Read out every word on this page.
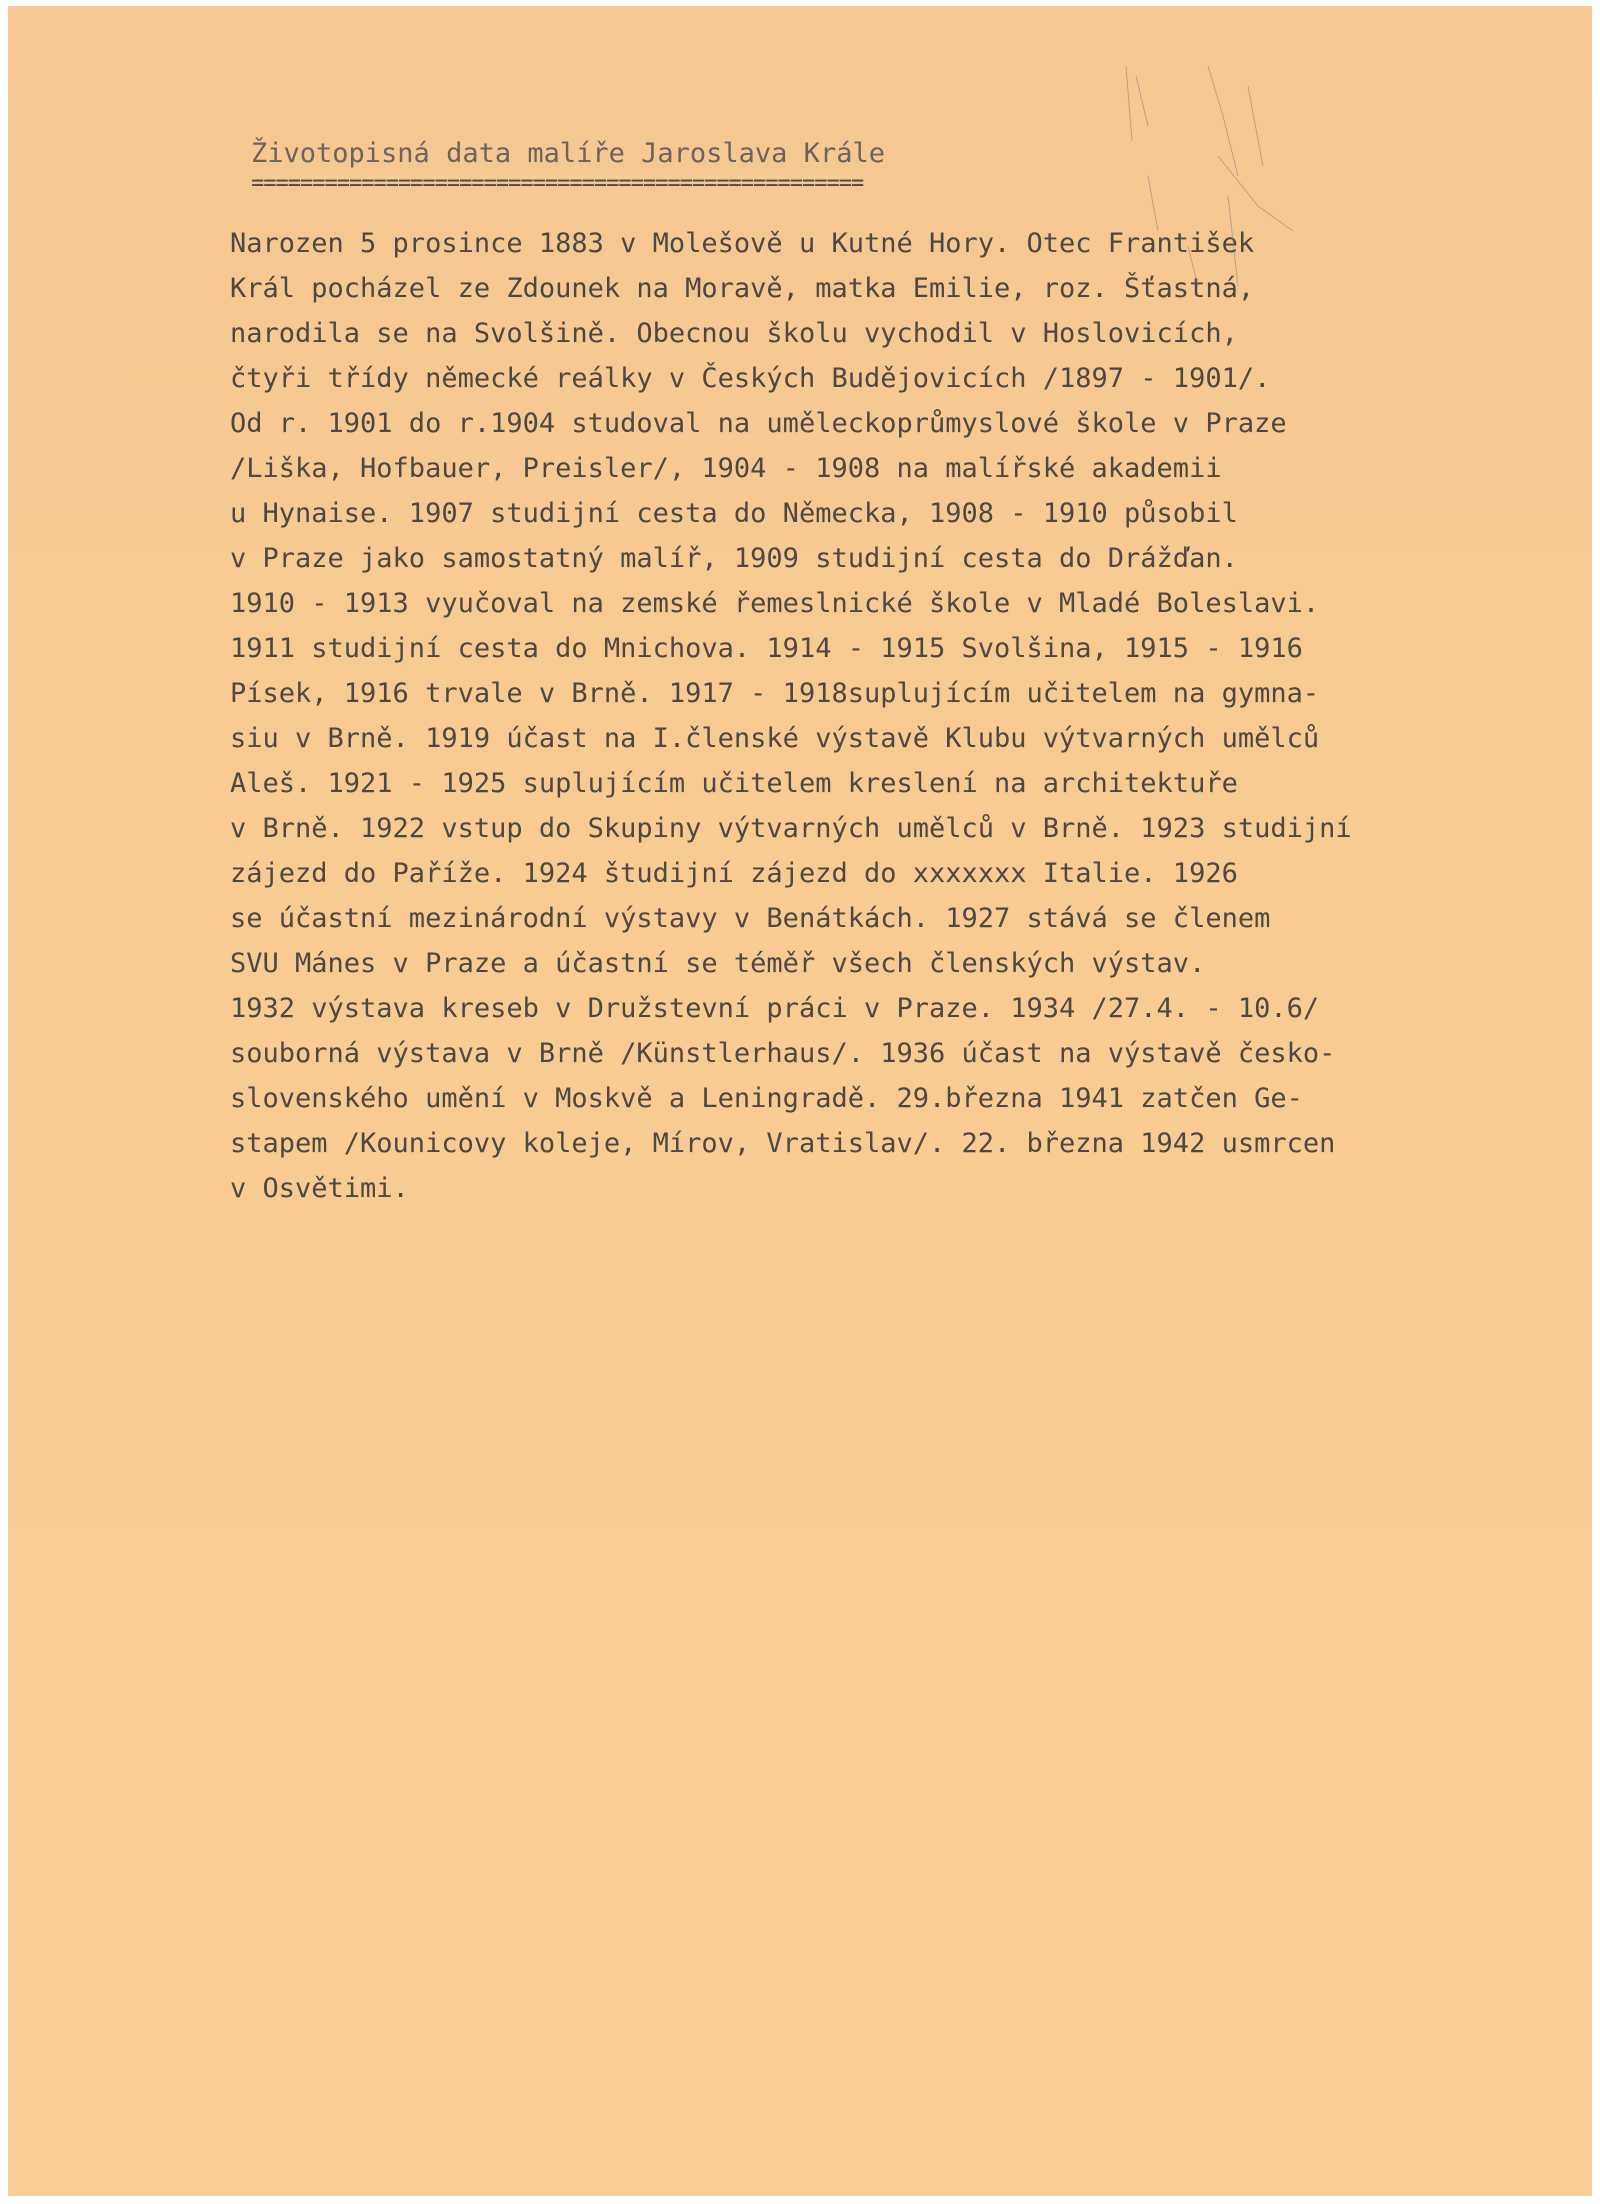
Životopisná data malíře Jaroslava Krále
==================================================
Narozen 5 prosince 1883 v Molešově u Kutné Hory. Otec František
Král pocházel ze Zdounek na Moravě, matka Emilie, roz. Šťastná,
narodila se na Svolšině. Obecnou školu vychodil v Hoslovicích,
čtyři třídy německé reálky v Českých Budějovicích /1897 - 1901/.
Od r. 1901 do r.1904 studoval na uměleckoprůmyslové škole v Praze
/Liška, Hofbauer, Preisler/, 1904 - 1908 na malířské akademii
u Hynaise. 1907 studijní cesta do Německa, 1908 - 1910 působil
v Praze jako samostatný malíř, 1909 studijní cesta do Drážďan.
1910 - 1913 vyučoval na zemské řemeslnické škole v Mladé Boleslavi.
1911 studijní cesta do Mnichova. 1914 - 1915 Svolšina, 1915 - 1916
Písek, 1916 trvale v Brně. 1917 - 1918suplujícím učitelem na gymna-
siu v Brně. 1919 účast na I.členské výstavě Klubu výtvarných umělců
Aleš. 1921 - 1925 suplujícím učitelem kreslení na architektuře
v Brně. 1922 vstup do Skupiny výtvarných umělců v Brně. 1923 studijní
zájezd do Paříže. 1924 študijní zájezd do xxxxxxx Italie. 1926
se účastní mezinárodní výstavy v Benátkách. 1927 stává se členem
SVU Mánes v Praze a účastní se téměř všech členských výstav.
1932 výstava kreseb v Družstevní práci v Praze. 1934 /27.4. - 10.6/
souborná výstava v Brně /Künstlerhaus/. 1936 účast na výstavě česko-
slovenského umění v Moskvě a Leningradě. 29.března 1941 zatčen Ge-
stapem /Kounicovy koleje, Mírov, Vratislav/. 22. března 1942 usmrcen
v Osvětimi.
